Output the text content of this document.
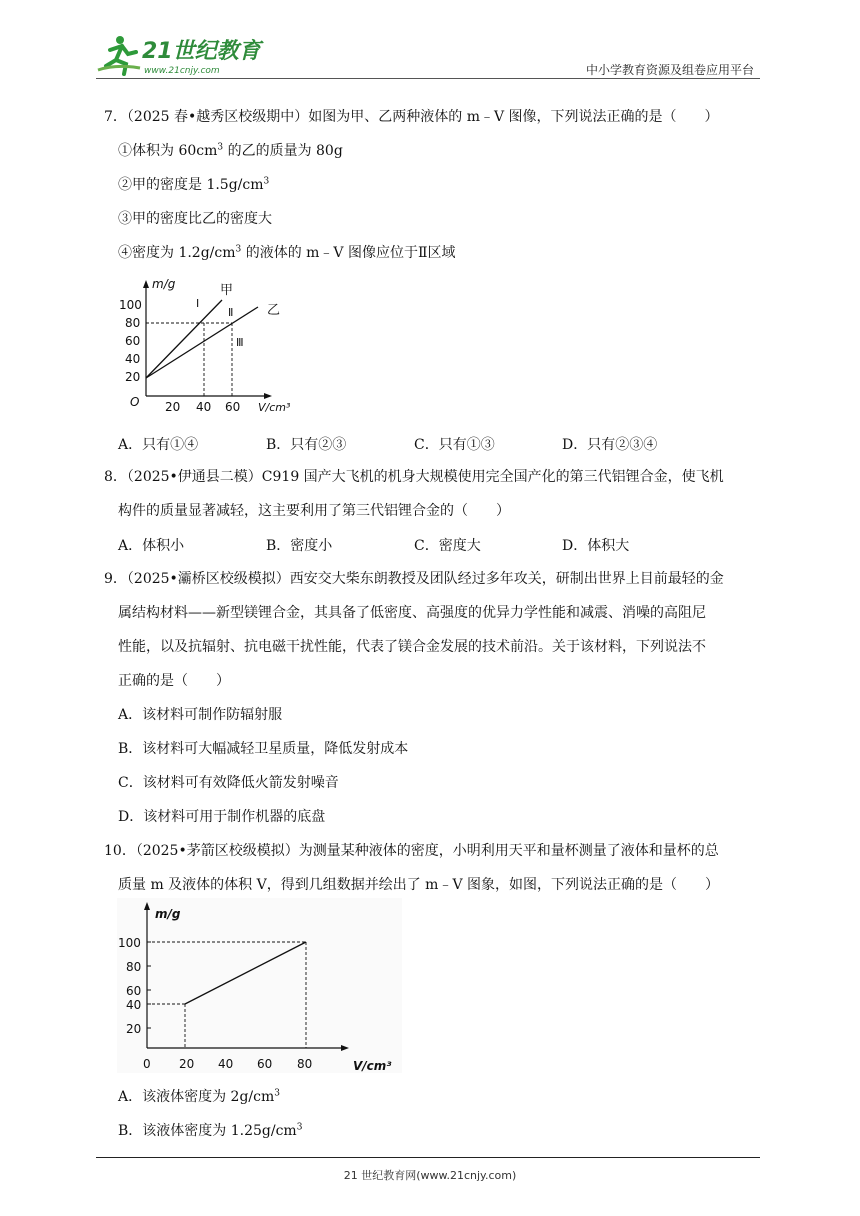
21世纪教育
www.21cnjy.com	中小学教育资源及组卷应用平台
7．（2025 春•越秀区校级期中）如图为甲、乙两种液体的 m﹣V 图像，下列说法正确的是（　　）
①体积为 $60cm^3$ 的乙的质量为 80g
②甲的密度是 $1.5g/cm^3$
③甲的密度比乙的密度大
④密度为 $1.2g/cm^3$ 的液体的 m﹣V 图像应位于Ⅱ区域
m/g
V/cm³
O
100
80
60
40
20
20 40 60
甲
乙
Ⅰ
Ⅱ
Ⅲ
A．只有①④	B．只有②③	C．只有①③	D．只有②③④
8．（2025•伊通县二模）C919 国产大飞机的机身大规模使用完全国产化的第三代铝锂合金，使飞机
构件的质量显著减轻，这主要利用了第三代铝锂合金的（　　）
A．体积小	B．密度小	C．密度大	D．体积大
9．（2025•灞桥区校级模拟）西安交大柴东朗教授及团队经过多年攻关，研制出世界上目前最轻的金
属结构材料——新型镁锂合金，其具备了低密度、高强度的优异力学性能和减震、消噪的高阻尼
性能，以及抗辐射、抗电磁干扰性能，代表了镁合金发展的技术前沿。关于该材料，下列说法不
正确的是（　　）
A．该材料可制作防辐射服
B．该材料可大幅减轻卫星质量，降低发射成本
C．该材料可有效降低火箭发射噪音
D．该材料可用于制作机器的底盘
10．（2025•茅箭区校级模拟）为测量某种液体的密度，小明利用天平和量杯测量了液体和量杯的总
质量 m 及液体的体积 V，得到几组数据并绘出了 m﹣V 图象，如图，下列说法正确的是（　　）
m/g
V/cm³
100
80
60
40
20
0 20 40 60 80
A．该液体密度为 $2g/cm^3$
B．该液体密度为 $1.25g/cm^3$
21 世纪教育网(www.21cnjy.com)
